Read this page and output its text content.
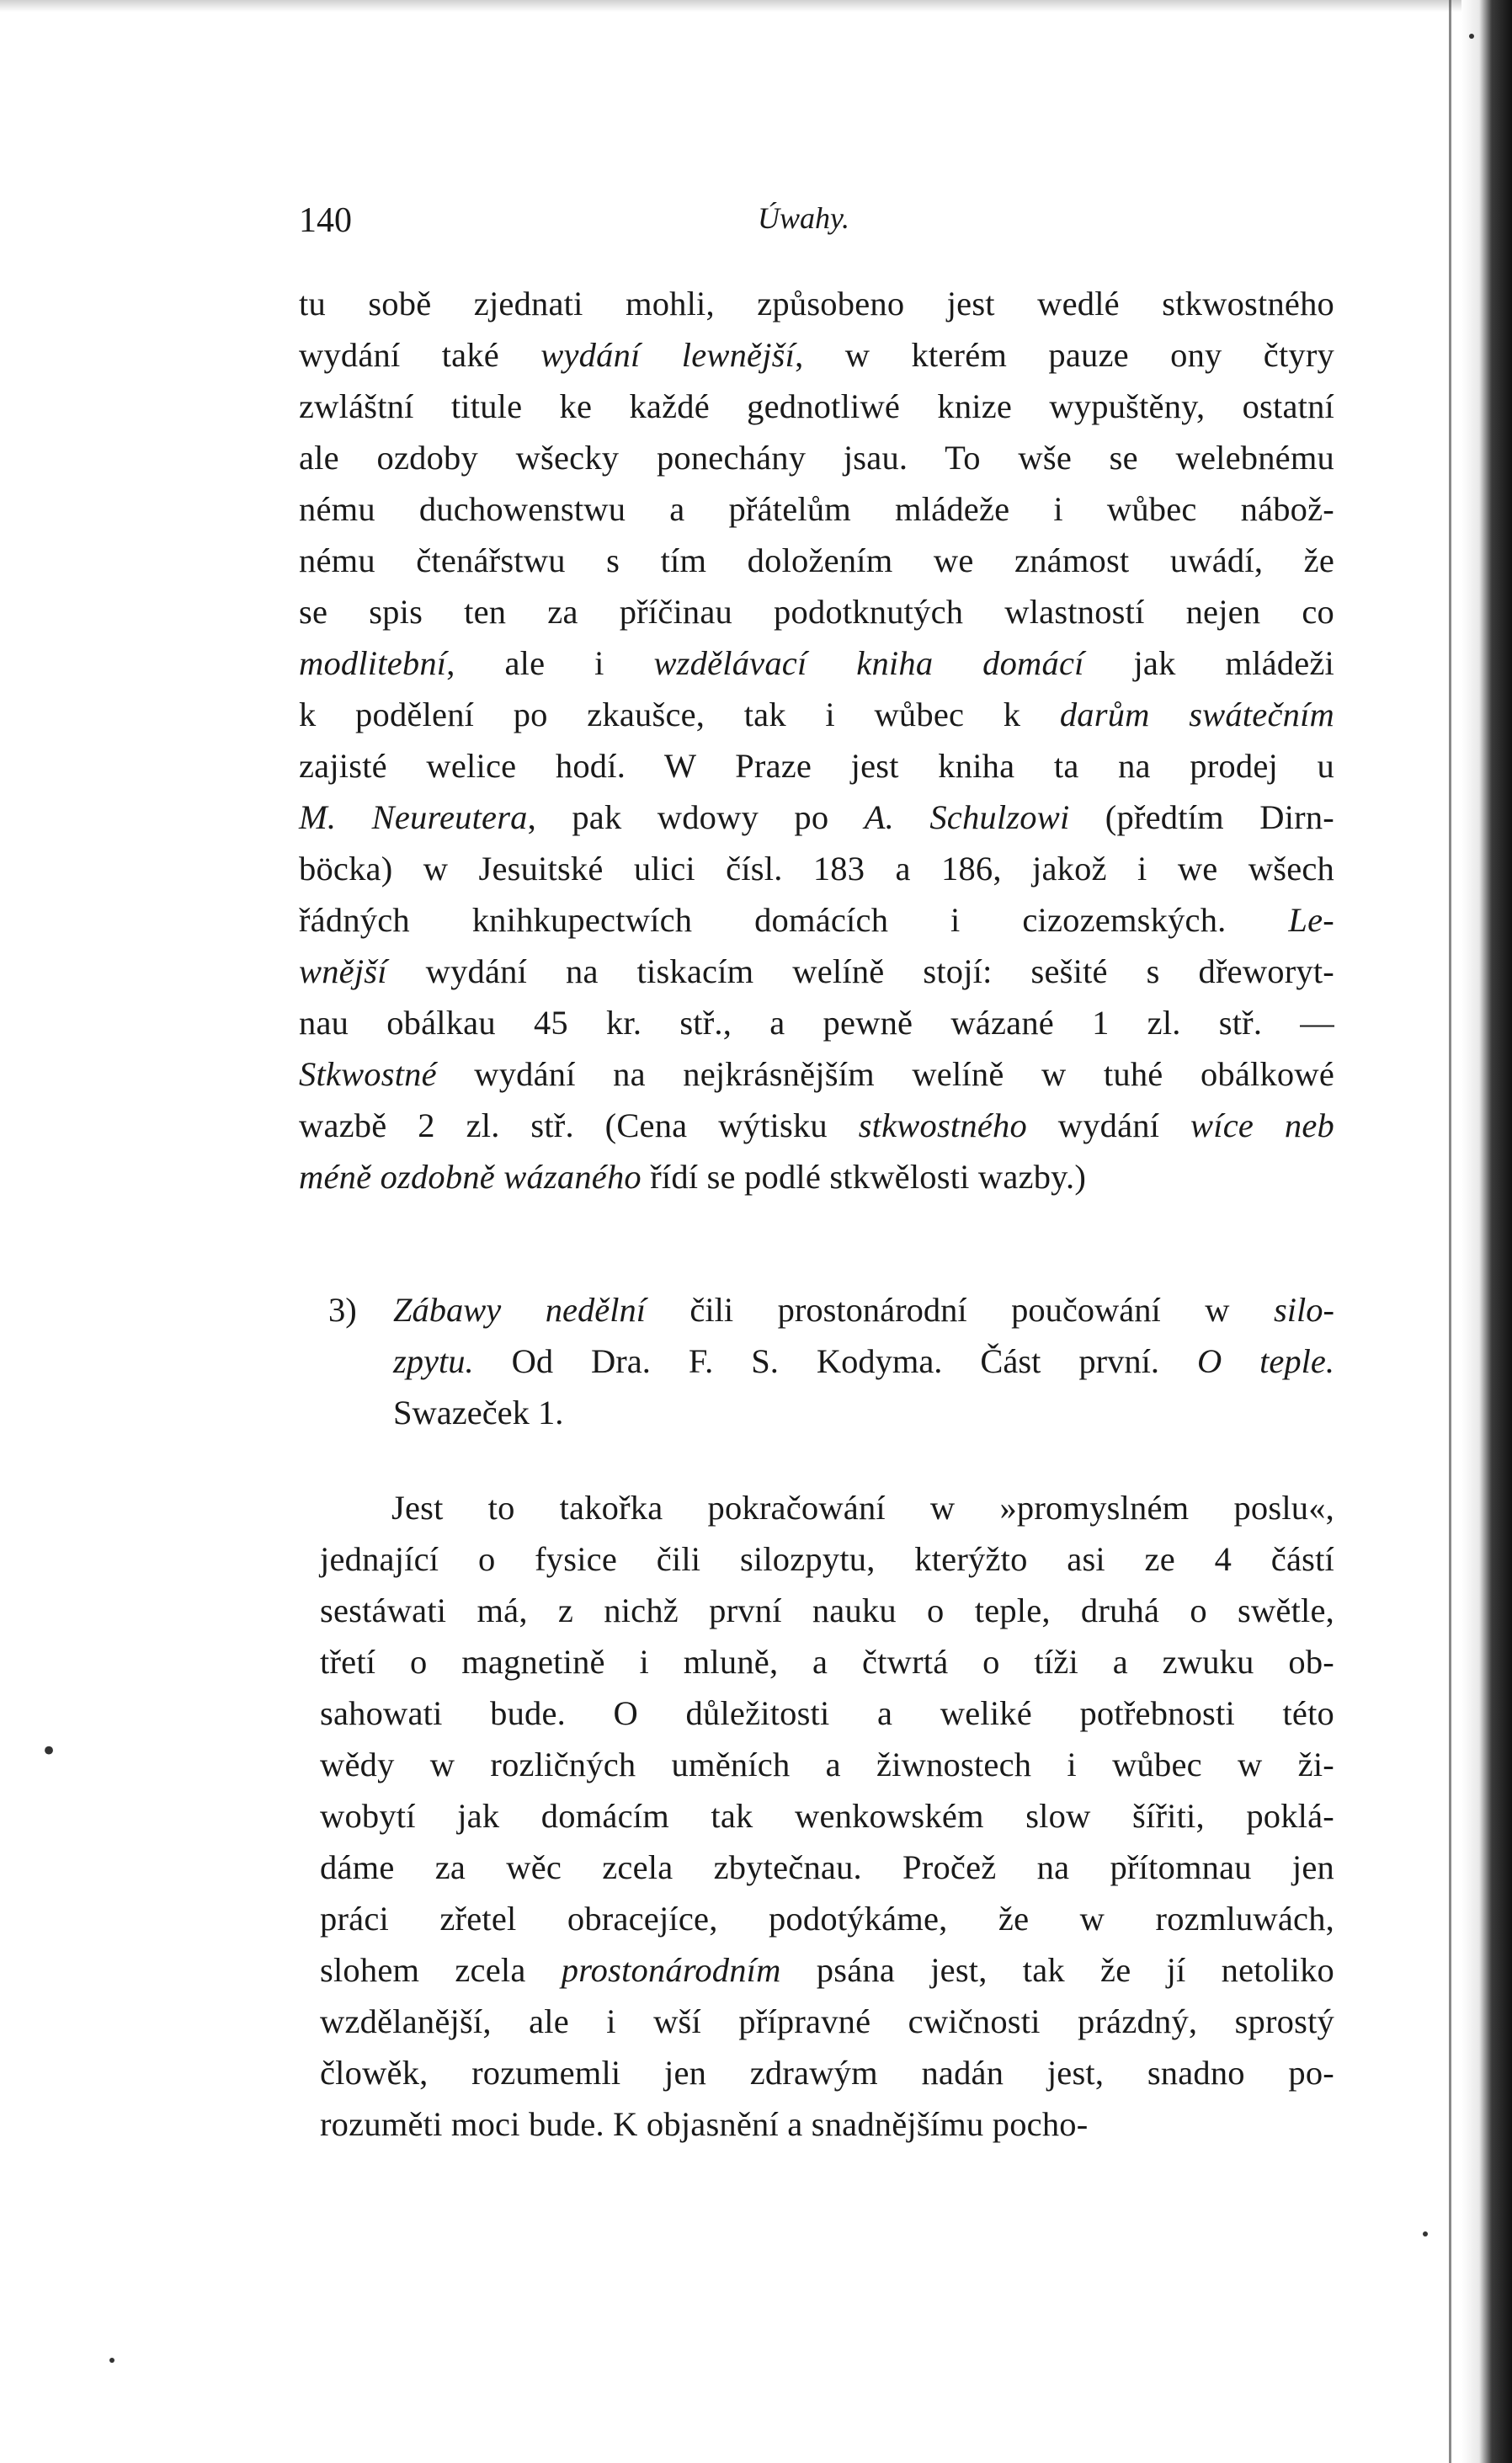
•
140	Úwahy.
tu sobě zjednati mohli, způsobeno jest wedlé stkwostného
wydání také wydání lewnější, w kterém pauze ony čtyry
zwláštní titule ke každé gednotliwé knize wypuštěny, ostatní
ale ozdoby wšecky ponechány jsau. To wše se welebnému
nému duchowenstwu a přátelům mládeže i wůbec nábož-
nému čtenářstwu s tím doložením we známost uwádí, že
se spis ten za příčinau podotknutých wlastností nejen co
modlitební, ale i wzdělávací kniha domácí jak mládeži
k podělení po zkaušce, tak i wůbec k darům swátečním
zajisté welice hodí. W Praze jest kniha ta na prodej u
M. Neureutera, pak wdowy po A. Schulzowi (předtím Dirn-
böcka) w Jesuitské ulici čísl. 183 a 186, jakož i we wšech
řádných knihkupectwích domácích i cizozemských. Le-
wnější wydání na tiskacím welíně stojí: sešité s dřeworyt-
nau obálkau 45 kr. stř., a pewně wázané 1 zl. stř. —
Stkwostné wydání na nejkrásnějším welíně w tuhé obálkowé
wazbě 2 zl. stř. (Cena wýtisku stkwostného wydání wíce neb
méně ozdobně wázaného řídí se podlé stkwělosti wazby.)
3) Zábawy nedělní čili prostonárodní poučowání w silo-
zpytu. Od Dra. F. S. Kodyma. Část první. O teple.
Swazeček 1.
Jest to takořka pokračowání w »promyslném poslu«,
jednající o fysice čili silozpytu, kterýžto asi ze 4 částí
sestáwati má, z nichž první nauku o teple, druhá o swětle,
třetí o magnetině i mluně, a čtwrtá o tíži a zwuku ob-
sahowati bude. O důležitosti a weliké potřebnosti této
wědy w rozličných uměních a žiwnostech i wůbec w ži-
wobytí jak domácím tak wenkowském slow šířiti, poklá-
dáme za wěc zcela zbytečnau. Pročež na přítomnau jen
práci zřetel obracejíce, podotýkáme, že w rozmluwách,
slohem zcela prostonárodním psána jest, tak že jí netoliko
wzdělanější, ale i wší přípravné cwičnosti prázdný, sprostý
člowěk, rozumemli jen zdrawým nadán jest, snadno po-
rozuměti moci bude. K objasnění a snadnějšímu pocho-
